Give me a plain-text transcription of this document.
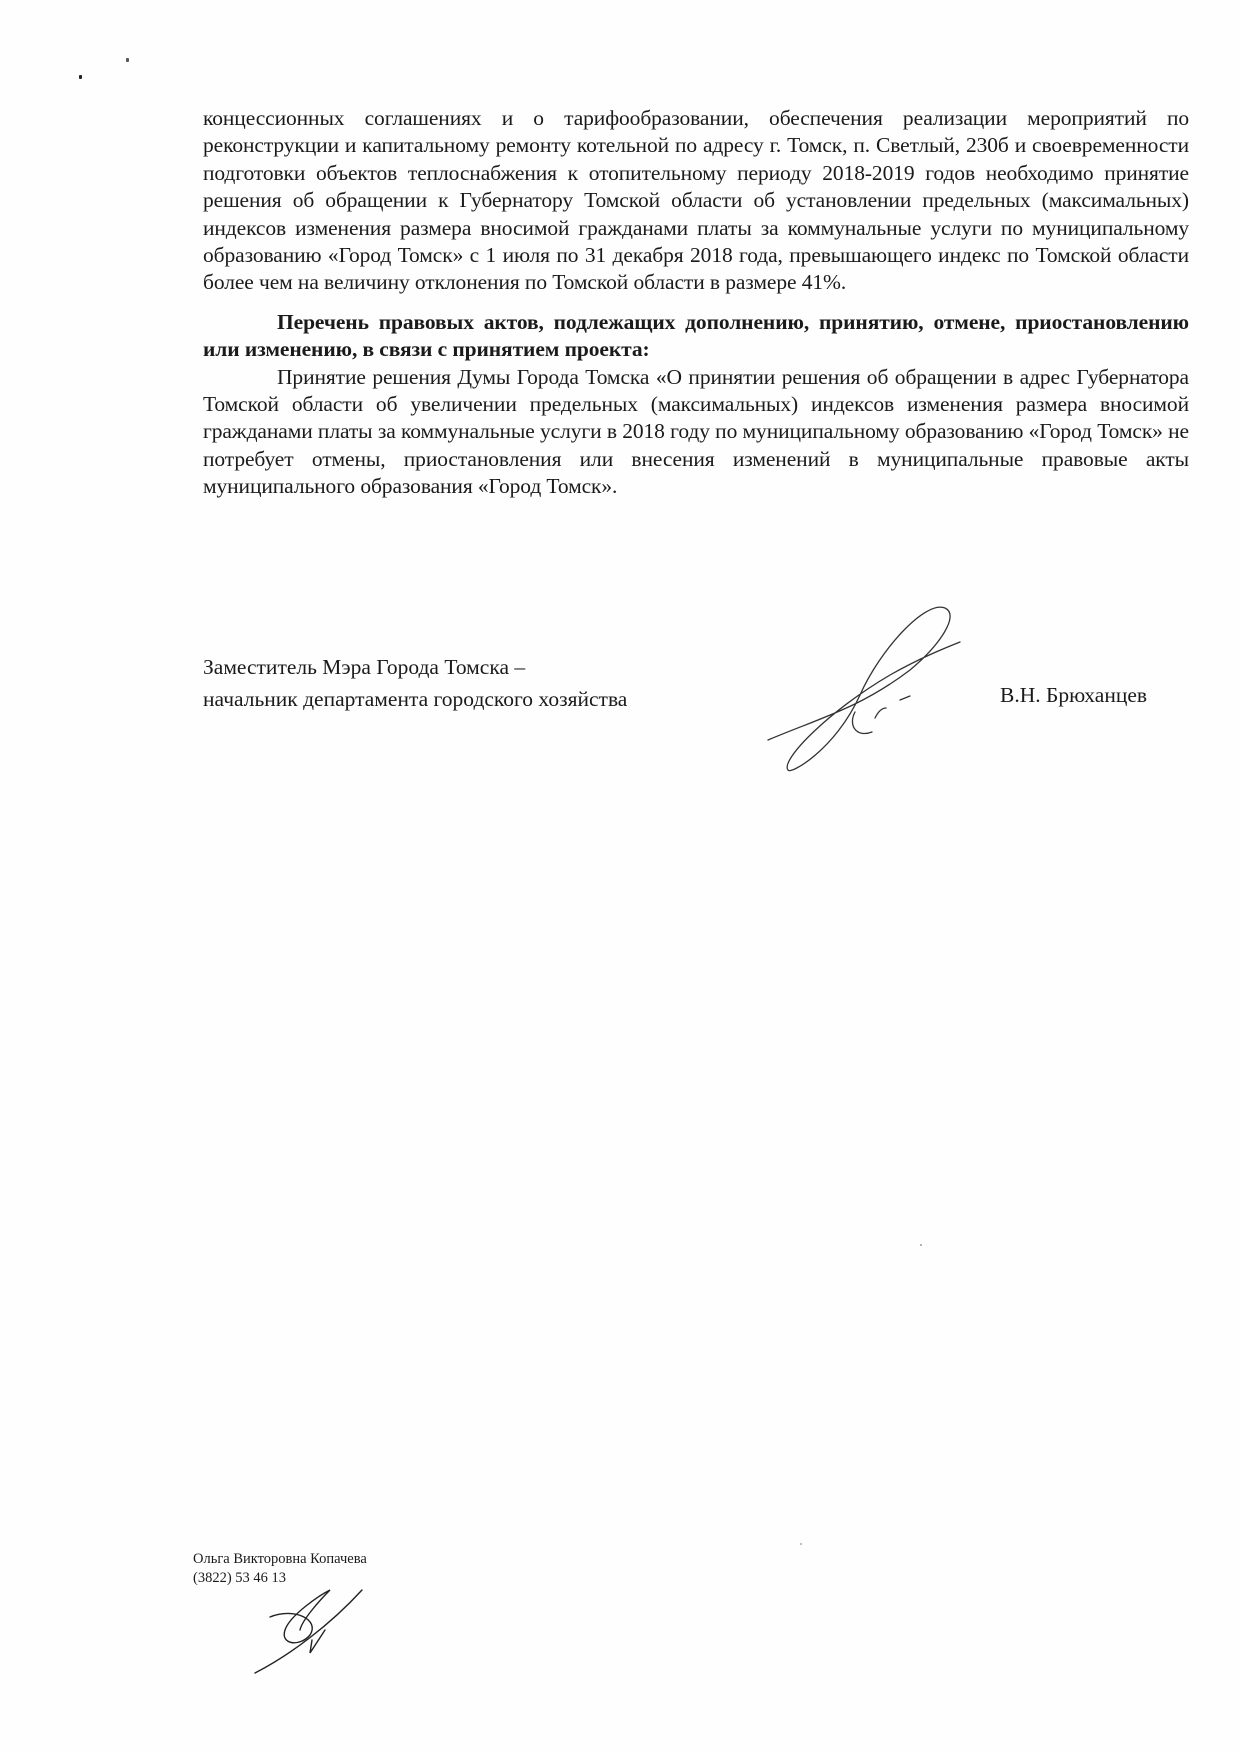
концессионных соглашениях и о тарифообразовании, обеспечения реализации мероприятий по реконструкции и капитальному ремонту котельной по адресу г. Томск, п. Светлый, 230б и своевременности подготовки объектов теплоснабжения к отопительному периоду 2018-2019 годов необходимо принятие решения об обращении к Губернатору Томской области об установлении предельных (максимальных) индексов изменения размера вносимой гражданами платы за коммунальные услуги по муниципальному образованию «Город Томск» с 1 июля по 31 декабря 2018 года, превышающего индекс по Томской области более чем на величину отклонения по Томской области в размере 41%.

Перечень правовых актов, подлежащих дополнению, принятию, отмене, приостановлению или изменению, в связи с принятием проекта:

Принятие решения Думы Города Томска «О принятии решения об обращении в адрес Губернатора Томской области об увеличении предельных (максимальных) индексов изменения размера вносимой гражданами платы за коммунальные услуги в 2018 году по муниципальному образованию «Город Томск» не потребует отмены, приостановления или внесения изменений в муниципальные правовые акты муниципального образования «Город Томск».

Заместитель Мэра Города Томска –
начальник департамента городского хозяйства	В.Н. Брюханцев
Ольга Викторовна Копачева
(3822) 53 46 13
